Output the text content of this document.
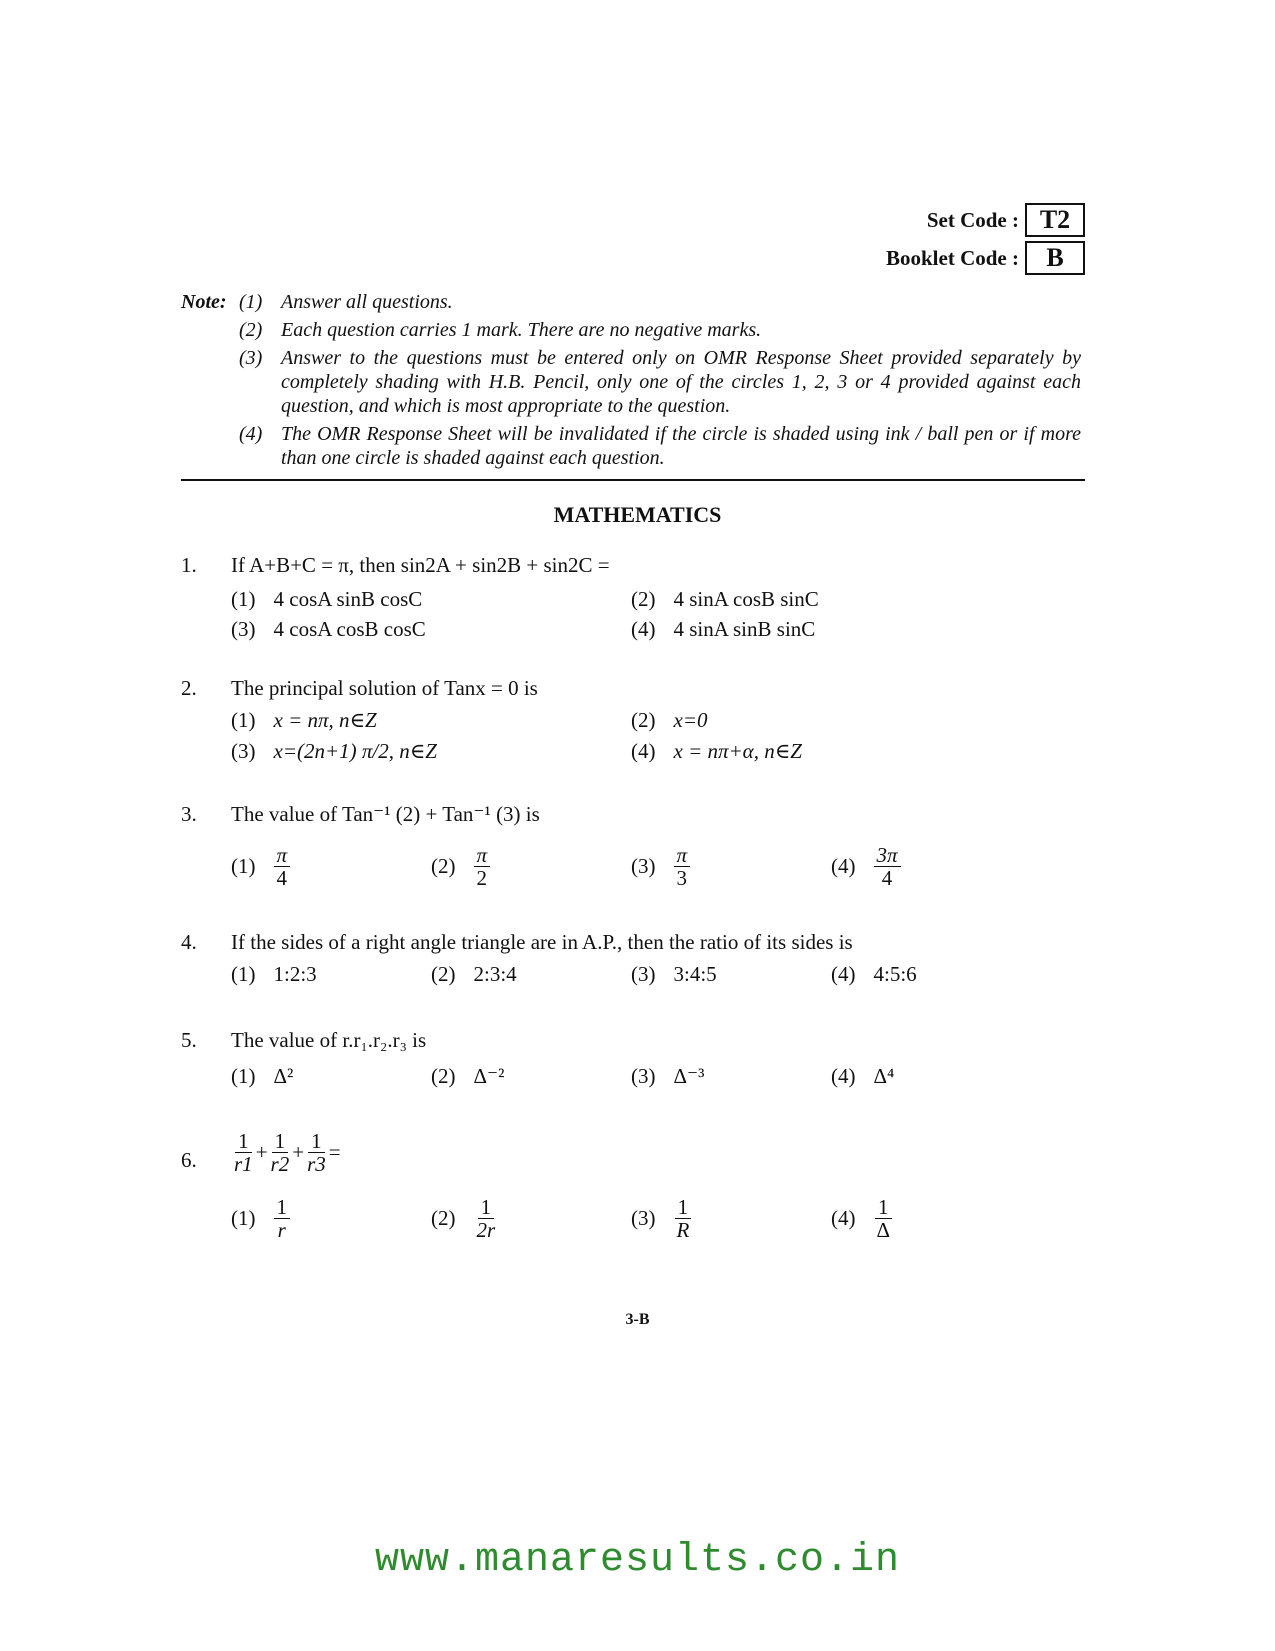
Set Code : T2
Booklet Code :	B
Note: (1) Answer all questions.
(2) Each question carries 1 mark. There are no negative marks.
(3) Answer to the questions must be entered only on OMR Response Sheet provided separately by completely shading with H.B. Pencil, only one of the circles 1, 2, 3 or 4 provided against each question, and which is most appropriate to the question.
(4) The OMR Response Sheet will be invalidated if the circle is shaded using ink / ball pen or if more than one circle is shaded against each question.
MATHEMATICS
1.	If A+B+C = π, then sin2A + sin2B + sin2C =
(1) 4 cosA sinB cosC	(2) 4 sinA cosB sinC
(3) 4 cosA cosB cosC	(4) 4 sinA sinB sinC
2.	The principal solution of Tanx = 0 is
(1) x = nπ, n∈Z	(2) x=0
(3) x=(2n+1) π/2, n∈Z	(4) x = nπ+α, n∈Z
3.	The value of Tan⁻¹ (2) + Tan⁻¹ (3) is
$(1) \frac{\pi}{4}$	$(2) \frac{\pi}{2}$	$(3) \frac{\pi}{3}$	$(4) \frac{3\pi}{4}$
4.	If the sides of a right angle triangle are in A.P., then the ratio of its sides is
(1) 1:2:3	(2) 2:3:4	(3) 3:4:5	(4) 4:5:6
5.	The value of r.r₁.r₂.r₃ is
(1) Δ²	(2) Δ⁻²	(3) Δ⁻³	(4) Δ⁴
6.	$\frac{1}{r1} + \frac{1}{r2} + \frac{1}{r3}$ =
$(1) \frac{1}{r}$	$(2) \frac{1}{2r}$	$(3) \frac{1}{R}$	$(4) \frac{1}{\Delta}$
3-B
www.manaresults.co.in
